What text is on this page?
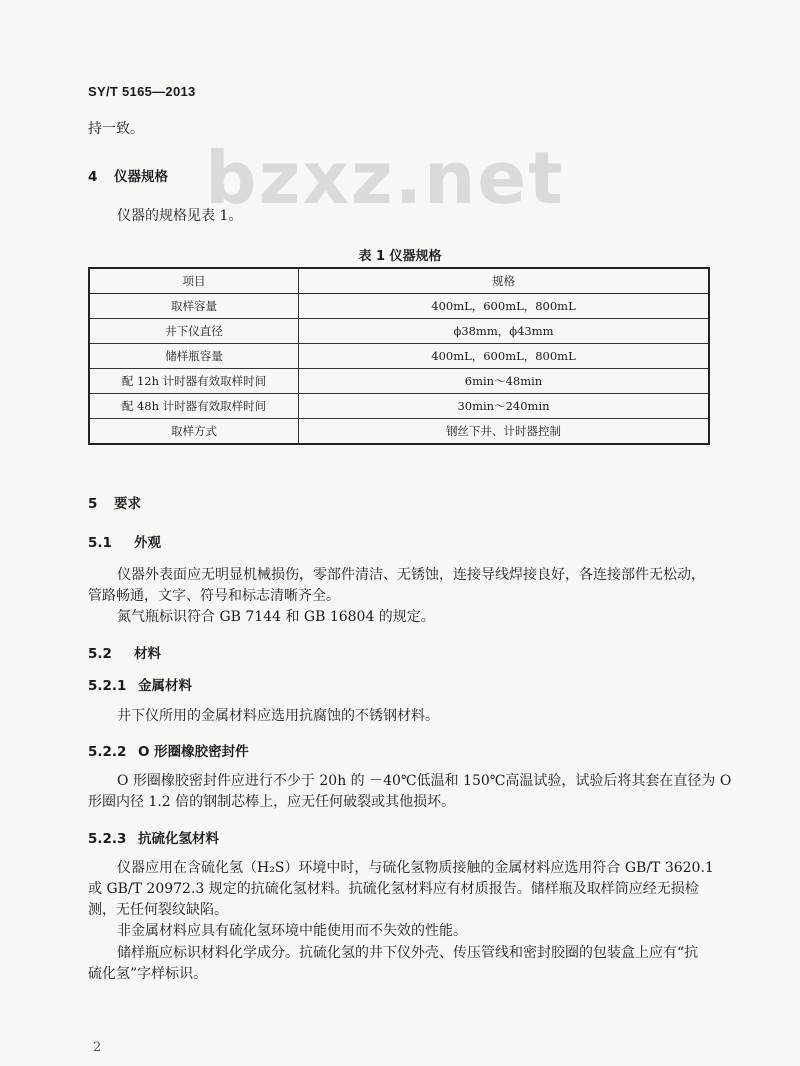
SY/T 5165—2013
持一致。
bzxz.net
4 仪器规格
仪器的规格见表 1。
表 1 仪器规格
项目	规格
取样容量	400mL，600mL，800mL
井下仪直径	ϕ38mm，ϕ43mm
储样瓶容量	400mL，600mL，800mL
配 12h 计时器有效取样时间	6min～48min
配 48h 计时器有效取样时间	30min～240min
取样方式	钢丝下井、计时器控制
5 要求
5.1 外观
仪器外表面应无明显机械损伤，零部件清洁、无锈蚀，连接导线焊接良好，各连接部件无松动，
管路畅通，文字、符号和标志清晰齐全。
氮气瓶标识符合 GB 7144 和 GB 16804 的规定。
5.2 材料
5.2.1 金属材料
井下仪所用的金属材料应选用抗腐蚀的不锈钢材料。
5.2.2 O 形圈橡胶密封件
O 形圈橡胶密封件应进行不少于 20h 的 －40℃低温和 150℃高温试验，试验后将其套在直径为 O
形圈内径 1.2 倍的钢制芯棒上，应无任何破裂或其他损坏。
5.2.3 抗硫化氢材料
仪器应用在含硫化氢（H₂S）环境中时，与硫化氢物质接触的金属材料应选用符合 GB/T 3620.1
或 GB/T 20972.3 规定的抗硫化氢材料。抗硫化氢材料应有材质报告。储样瓶及取样筒应经无损检
测，无任何裂纹缺陷。
非金属材料应具有硫化氢环境中能使用而不失效的性能。
储样瓶应标识材料化学成分。抗硫化氢的井下仪外壳、传压管线和密封胶圈的包装盒上应有“抗
硫化氢”字样标识。
2
